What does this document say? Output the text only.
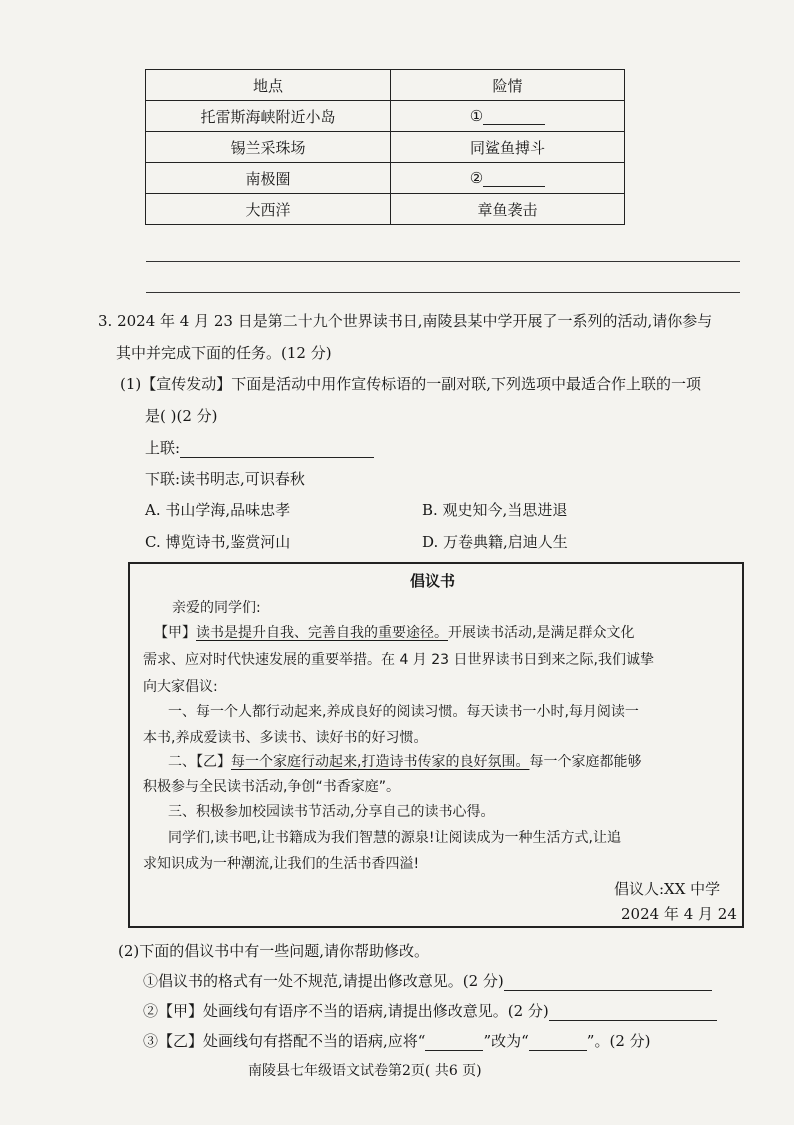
地点	险情
托雷斯海峡附近小岛	①
锡兰采珠场	同鲨鱼搏斗
南极圈	②
大西洋	章鱼袭击
3. 2024 年 4 月 23 日是第二十九个世界读书日,南陵县某中学开展了一系列的活动,请你参与
其中并完成下面的任务。(12 分)
(1)【宣传发动】下面是活动中用作宣传标语的一副对联,下列选项中最适合作上联的一项
是( )(2 分)
上联:
下联:读书明志,可识春秋
A. 书山学海,品味忠孝	B. 观史知今,当思进退
C. 博览诗书,鉴赏河山	D. 万卷典籍,启迪人生
倡议书
亲爱的同学们:
【甲】读书是提升自我、完善自我的重要途径。开展读书活动,是满足群众文化
需求、应对时代快速发展的重要举措。在 4 月 23 日世界读书日到来之际,我们诚挚
向大家倡议:
一、每一个人都行动起来,养成良好的阅读习惯。每天读书一小时,每月阅读一
本书,养成爱读书、多读书、读好书的好习惯。
二、【乙】每一个家庭行动起来,打造诗书传家的良好氛围。每一个家庭都能够
积极参与全民读书活动,争创“书香家庭”。
三、积极参加校园读书节活动,分享自己的读书心得。
同学们,读书吧,让书籍成为我们智慧的源泉!让阅读成为一种生活方式,让追
求知识成为一种潮流,让我们的生活书香四溢!
倡议人:XX 中学
2024 年 4 月 24
(2)下面的倡议书中有一些问题,请你帮助修改。
①倡议书的格式有一处不规范,请提出修改意见。(2 分)
②【甲】处画线句有语序不当的语病,请提出修改意见。(2 分)
③【乙】处画线句有搭配不当的语病,应将“	”改为“	”。(2 分)
南陵县七年级语文试卷第2页( 共6 页)
